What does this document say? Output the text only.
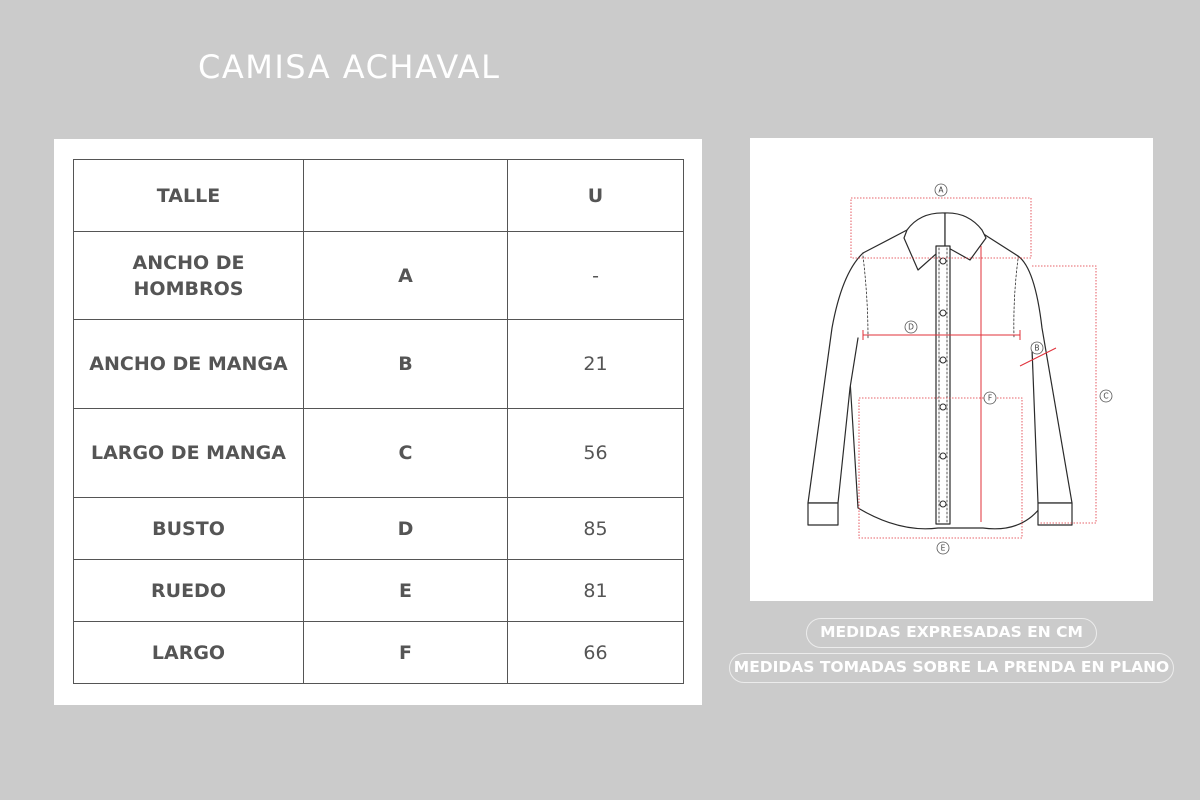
CAMISA ACHAVAL
TALLE		U
ANCHO DE HOMBROS	A	-
ANCHO DE MANGA	B	21
LARGO DE MANGA	C	56
BUSTO	D	85
RUEDO	E	81
LARGO	F	66
A
B
C
D
E
F
MEDIDAS EXPRESADAS EN CM
MEDIDAS TOMADAS SOBRE LA PRENDA EN PLANO
